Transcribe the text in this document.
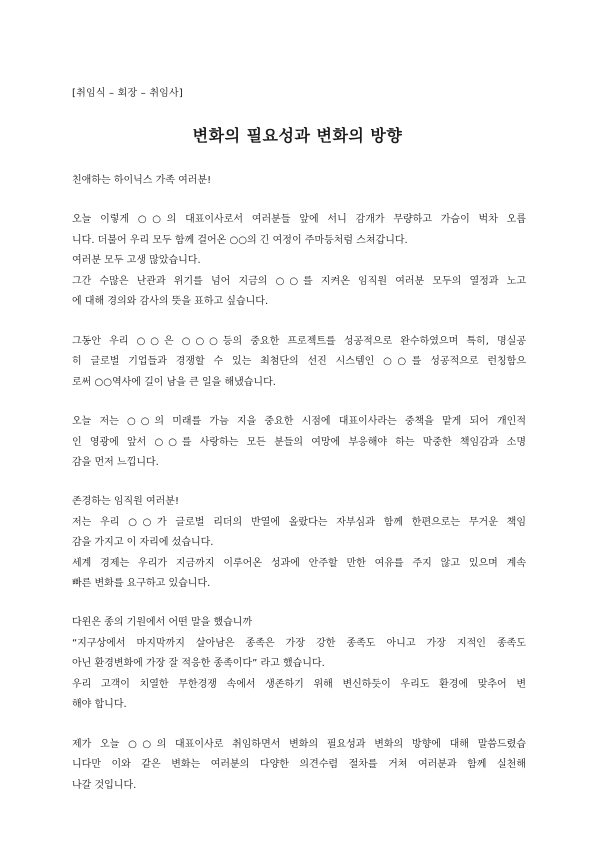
[취임식 – 회장 – 취임사]
변화의 필요성과 변화의 방향
친애하는 하이닉스 가족 여러분!
오늘 이렇게 ○○의 대표이사로서 여러분들 앞에 서니 감개가 무량하고 가슴이 벅차 오릅
니다. 더불어 우리 모두 함께 걸어온 ○○의 긴 여정이 주마등처럼 스쳐갑니다.
여러분 모두 고생 많았습니다.
그간 수많은 난관과 위기를 넘어 지금의 ○○를 지켜온 임직원 여러분 모두의 열정과 노고
에 대해 경의와 감사의 뜻을 표하고 싶습니다.
그동안 우리 ○○은 ○○○등의 중요한 프로젝트를 성공적으로 완수하였으며 특히, 명실공
히 글로벌 기업들과 경쟁할 수 있는 최첨단의 선진 시스템인 ○○를 성공적으로 런칭함으
로써 ○○역사에 길이 남을 큰 일을 해냈습니다.
오늘 저는 ○○의 미래를 가늠 지을 중요한 시점에 대표이사라는 중책을 맡게 되어 개인적
인 영광에 앞서 ○○를 사랑하는 모든 분들의 여망에 부응해야 하는 막중한 책임감과 소명
감을 먼저 느낍니다.
존경하는 임직원 여러분!
저는 우리 ○○가 글로벌 리더의 반열에 올랐다는 자부심과 함께 한편으로는 무거운 책임
감을 가지고 이 자리에 섰습니다.
세계 경제는 우리가 지금까지 이루어온 성과에 안주할 만한 여유를 주지 않고 있으며 계속
빠른 변화를 요구하고 있습니다.
다윈은 종의 기원에서 어떤 말을 했습니까
“지구상에서 마지막까지 살아남은 종족은 가장 강한 종족도 아니고 가장 지적인 종족도
아닌 환경변화에 가장 잘 적응한 종족이다” 라고 했습니다.
우리 고객이 치열한 무한경쟁 속에서 생존하기 위해 변신하듯이 우리도 환경에 맞추어 변
해야 합니다.
제가 오늘 ○○의 대표이사로 취임하면서 변화의 필요성과 변화의 방향에 대해 말씀드렸습
니다만 이와 같은 변화는 여러분의 다양한 의견수렴 절차를 거쳐 여러분과 함께 실천해
나갈 것입니다.
